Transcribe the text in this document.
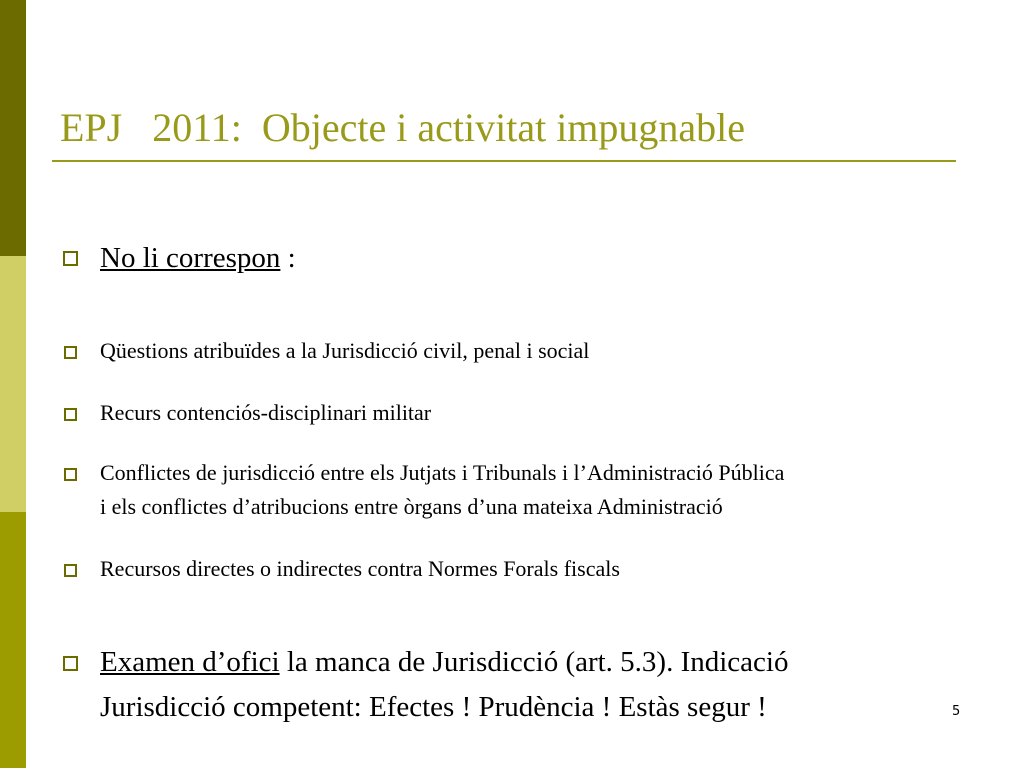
EPJ   2011:  Objecte i activitat impugnable
No li correspon :
Qüestions atribuïdes a la Jurisdicció civil, penal i social
Recurs contenciós-disciplinari militar
Conflictes de jurisdicció entre els Jutjats i Tribunals i l’Administració Pública
i els conflictes d’atribucions entre òrgans d’una mateixa Administració
Recursos directes o indirectes contra Normes Forals fiscals
Examen d’ofici la manca de Jurisdicció (art. 5.3). Indicació
Jurisdicció competent: Efectes ! Prudència ! Estàs segur !	5
